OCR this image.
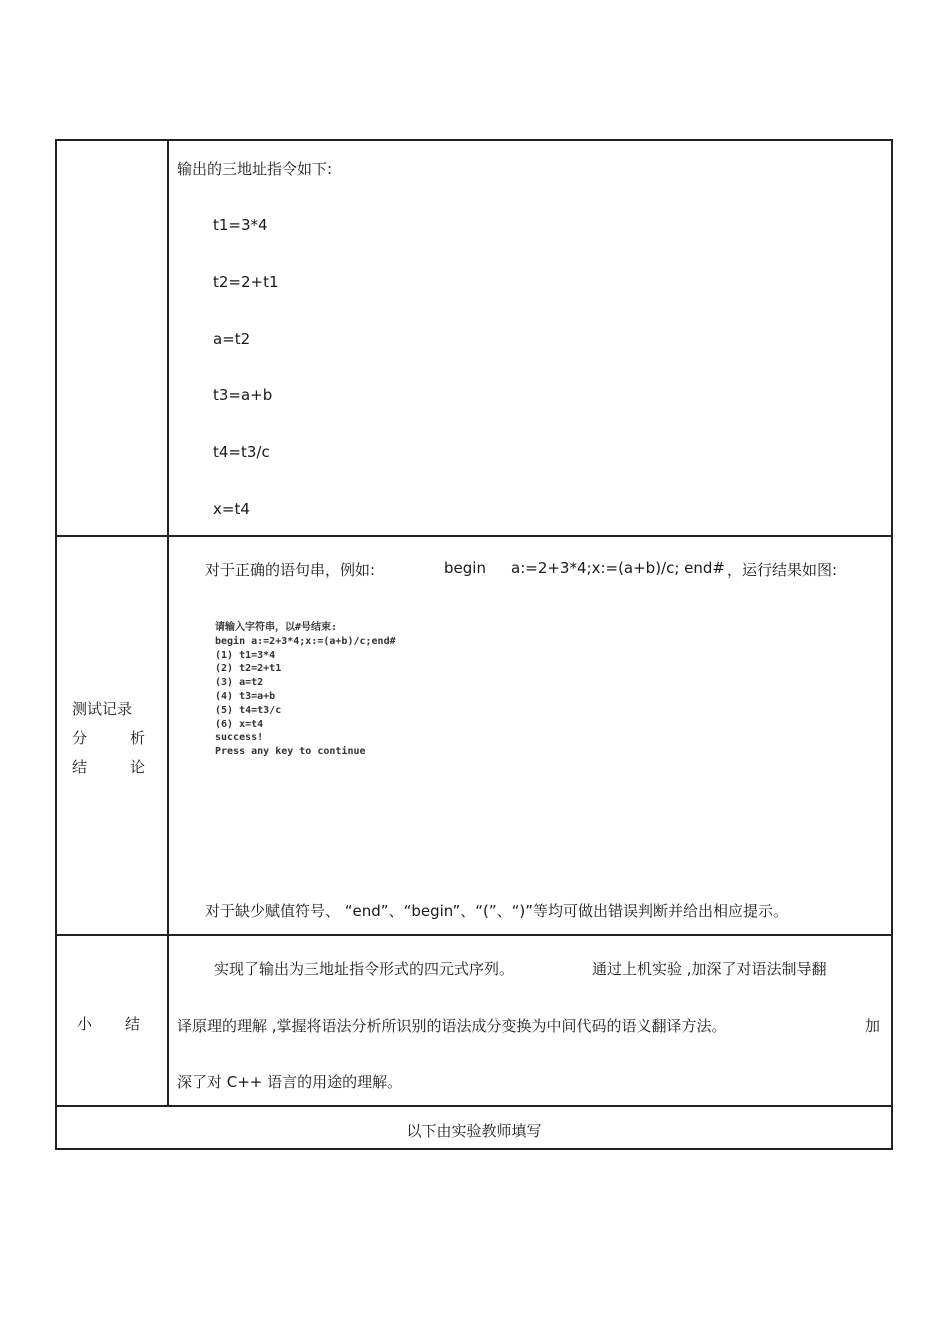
输出的三地址指令如下:
t1=3*4
t2=2+t1
a=t2
t3=a+b
t4=t3/c
x=t4
测试记录
分	析
结	论
对于正确的语句串，例如:	begin a:=2+3*4;x:=(a+b)/c; end# ，运行结果如图:
请输入字符串，以#号结束:
begin a:=2+3*4;x:=(a+b)/c;end#
(1) t1=3*4
(2) t2=2+t1
(3) a=t2
(4) t3=a+b
(5) t4=t3/c
(6) x=t4
success!
Press any key to continue
对于缺少赋值符号、 “end”、“begin”、“(”、“)”等均可做出错误判断并给出相应提示。
小 结
实现了输出为三地址指令形式的四元式序列。	通过上机实验 ,加深了对语法制导翻
译原理的理解 ,掌握将语法分析所识别的语法成分变换为中间代码的语义翻译方法。	加
深了对 C++ 语言的用途的理解。
以下由实验教师填写
